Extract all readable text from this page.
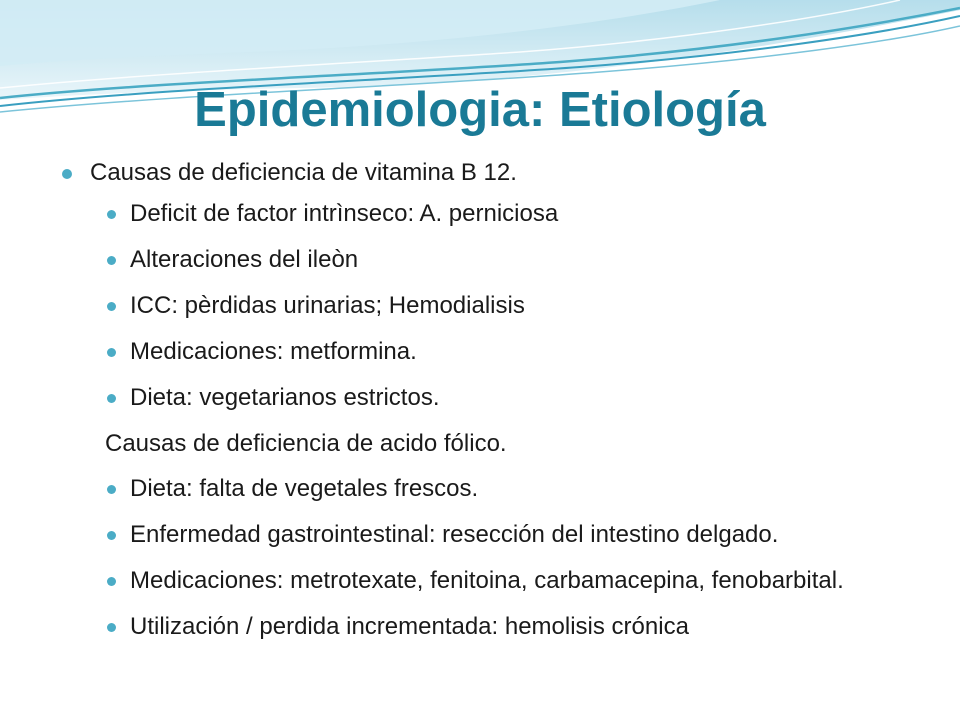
Epidemiologia: Etiología
Causas de deficiencia de vitamina B 12.
Deficit de factor intrìnseco: A. perniciosa
Alteraciones del ileòn
ICC: pèrdidas urinarias; Hemodialisis
Medicaciones: metformina.
Dieta: vegetarianos estrictos.
Causas de deficiencia de acido fólico.
Dieta: falta de vegetales frescos.
Enfermedad gastrointestinal: resección del intestino delgado.
Medicaciones: metrotexate, fenitoina, carbamacepina, fenobarbital.
Utilización / perdida incrementada: hemolisis crónica
